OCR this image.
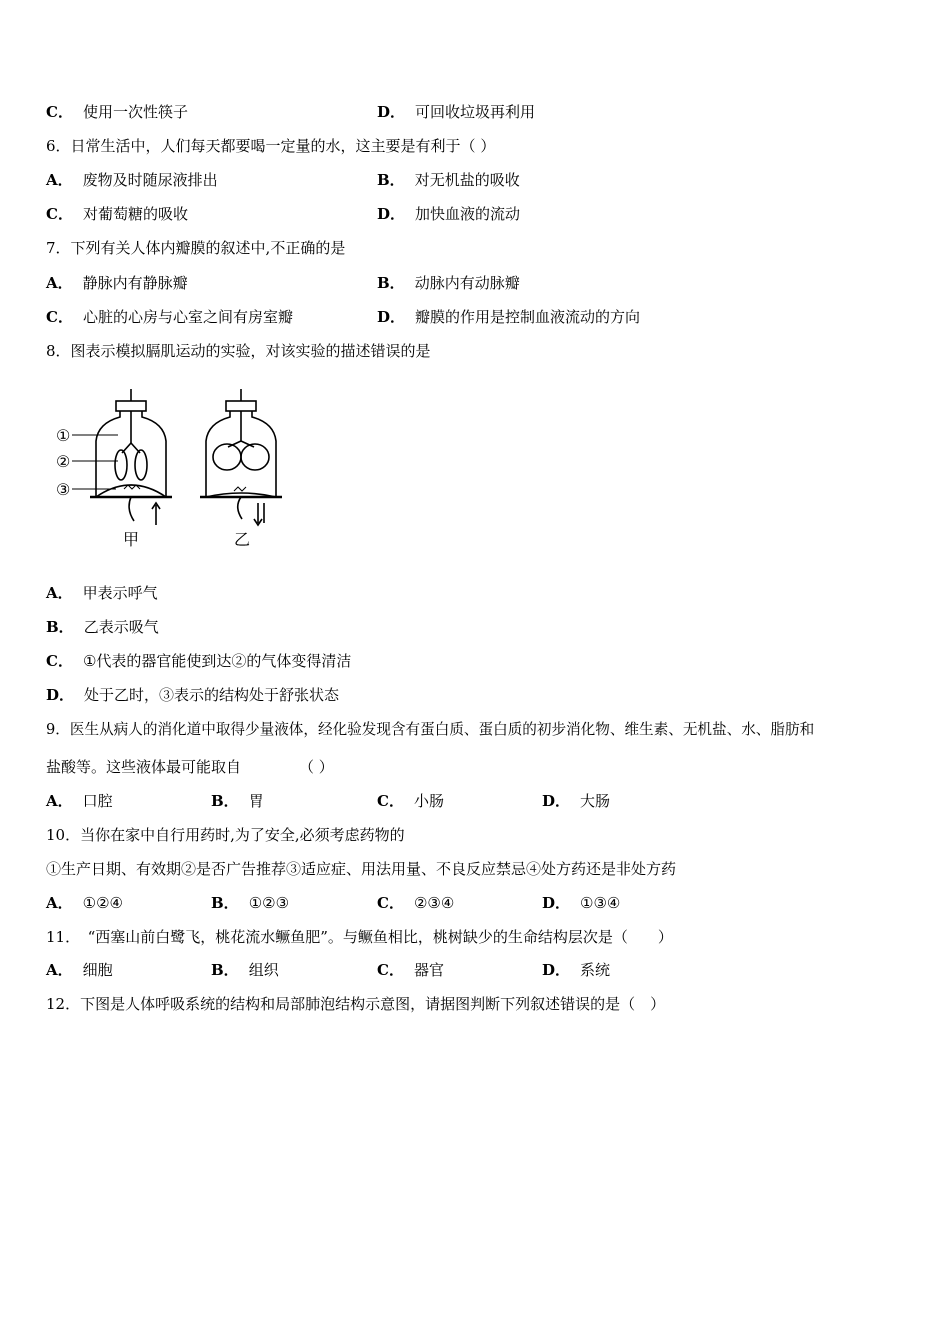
C． 使用一次性筷子	D． 可回收垃圾再利用
6．日常生活中，人们每天都要喝一定量的水，这主要是有利于（ ）
A． 废物及时随尿液排出	B． 对无机盐的吸收
C． 对葡萄糖的吸收	D． 加快血液的流动
7．下列有关人体内瓣膜的叙述中,不正确的是
A． 静脉内有静脉瓣	B． 动脉内有动脉瓣
C． 心脏的心房与心室之间有房室瓣	D． 瓣膜的作用是控制血液流动的方向
8．图表示模拟膈肌运动的实验，对该实验的描述错误的是
①
②
③
甲	乙
A． 甲表示呼气
B． 乙表示吸气
C． ①代表的器官能使到达②的气体变得清洁
D． 处于乙时，③表示的结构处于舒张状态
9．医生从病人的消化道中取得少量液体，经化验发现含有蛋白质、蛋白质的初步消化物、维生素、无机盐、水、脂肪和
盐酸等。这些液体最可能取自	（ ）
A． 口腔	B． 胃	C． 小肠	D． 大肠
10．当你在家中自行用药时,为了安全,必须考虑药物的
①生产日期、有效期②是否广告推荐③适应症、用法用量、不良反应禁忌④处方药还是非处方药
A． ①②④	B． ①②③	C． ②③④	D． ①③④
11．　“西塞山前白鹭飞，桃花流水鳜鱼肥”。与鳜鱼相比，桃树缺少的生命结构层次是（　　）
A． 细胞	B． 组织	C． 器官	D． 系统
12．下图是人体呼吸系统的结构和局部肺泡结构示意图，请据图判断下列叙述错误的是（　）
